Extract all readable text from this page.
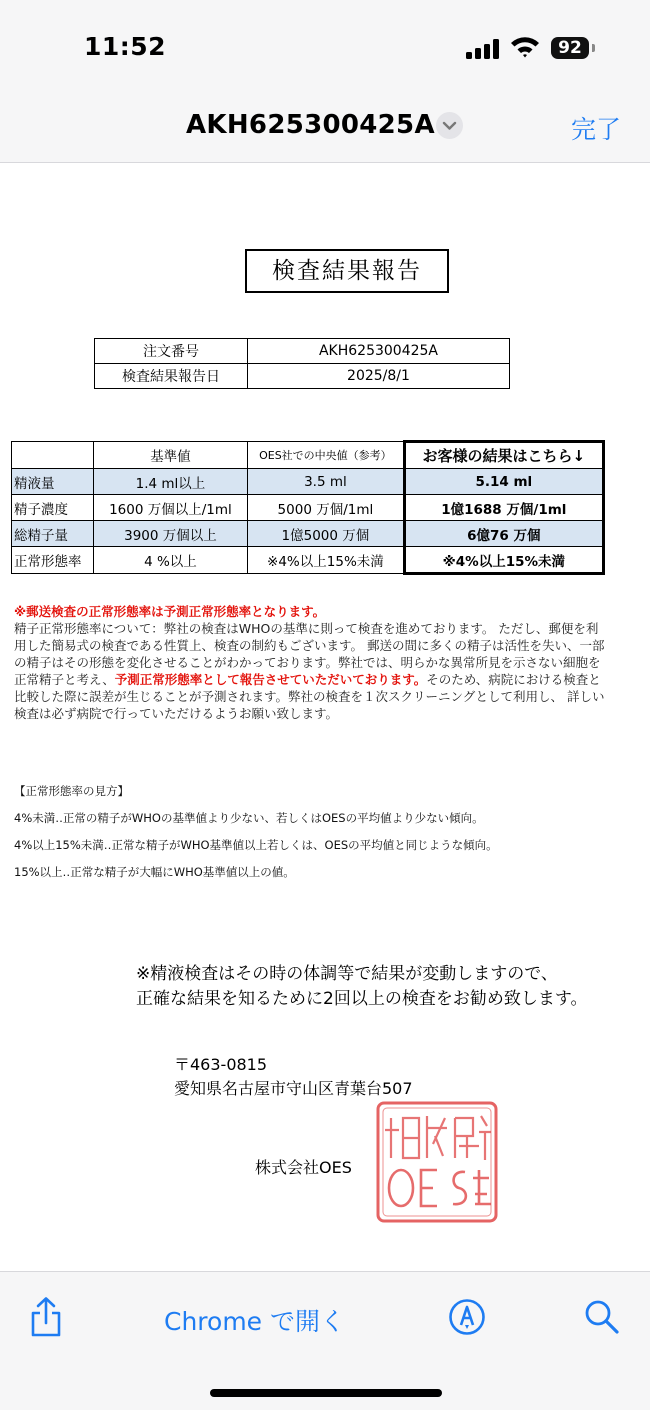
11:52	92
AKH625300425A	完了
検査結果報告
注文番号	AKH625300425A
検査結果報告日	2025/8/1
	基準値	OES社での中央値（参考）	お客様の結果はこちら↓
精液量	1.4 ml以上	3.5 ml	5.14 ml
精子濃度	1600 万個以上/1ml	5000 万個/1ml	1億1688 万個/1ml
総精子量	3900 万個以上	1億5000 万個	6億76 万個
正常形態率	4 %以上	※4%以上15%未満	※4%以上15%未満
※郵送検査の正常形態率は予測正常形態率となります。
精子正常形態率について：弊社の検査はWHOの基準に則って検査を進めております。 ただし、郵便を利用した簡易式の検査である性質上、検査の制約もございます。 郵送の間に多くの精子は活性を失い、一部の精子はその形態を変化させることがわかっております。弊社では、明らかな異常所見を示さない細胞を正常精子と考え、予測正常形態率として報告させていただいております。そのため、病院における検査と比較した際に誤差が生じることが予測されます。弊社の検査を１次スクリーニングとして利用し、 詳しい検査は必ず病院で行っていただけるようお願い致します。
【正常形態率の見方】
4%未満‥正常の精子がWHOの基準値より少ない、若しくはOESの平均値より少ない傾向。
4%以上15%未満‥正常な精子がWHO基準値以上若しくは、OESの平均値と同じような傾向。
15%以上‥正常な精子が大幅にWHO基準値以上の値。
※精液検査はその時の体調等で結果が変動しますので、
正確な結果を知るために2回以上の検査をお勧め致します。
〒463-0815
愛知県名古屋市守山区青葉台507
株式会社OES
Chrome で開く
